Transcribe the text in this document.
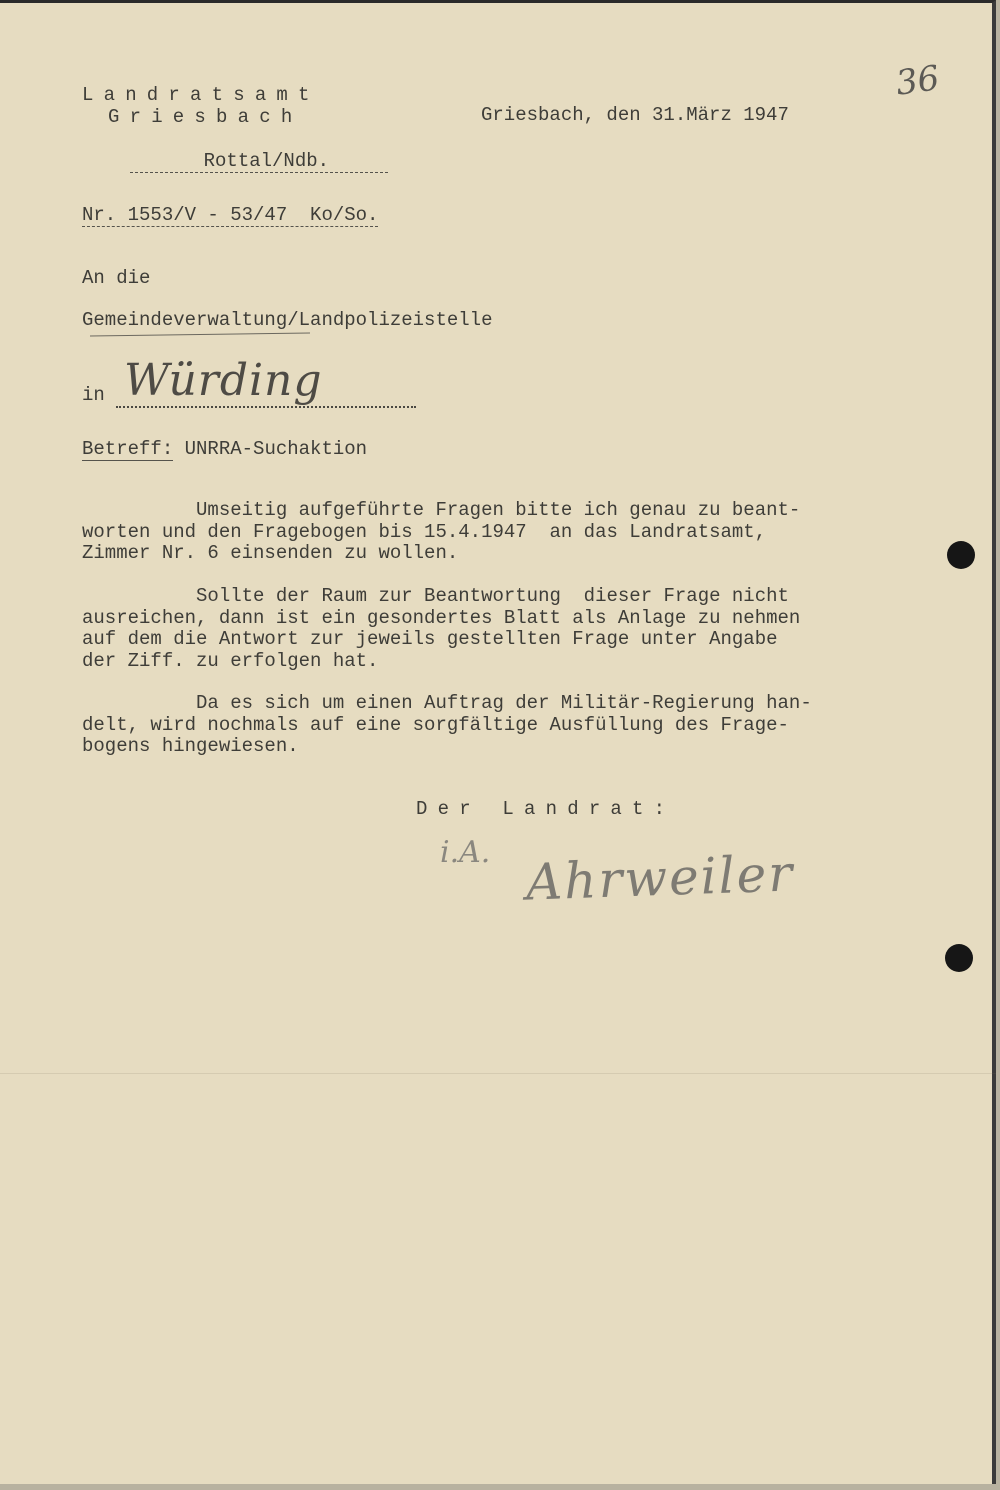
Landratsamt
Griesbach

Rottal/Ndb.

Griesbach, den 31.März 1947
36
Nr. 1553/V - 53/47  Ko/So.
An die
Gemeindeverwaltung/Landpolizeistelle
in Würding
Betreff: UNRRA-Suchaktion
Umseitig aufgeführte Fragen bitte ich genau zu beant-
worten und den Fragebogen bis 15.4.1947  an das Landratsamt,
Zimmer Nr. 6 einsenden zu wollen.
Sollte der Raum zur Beantwortung  dieser Frage nicht
ausreichen, dann ist ein gesondertes Blatt als Anlage zu nehmen
auf dem die Antwort zur jeweils gestellten Frage unter Angabe
der Ziff. zu erfolgen hat.
Da es sich um einen Auftrag der Militär-Regierung han-
delt, wird nochmals auf eine sorgfältige Ausfüllung des Frage-
bogens hingewiesen.
Der Landrat:
i.A. Ahrweiler
